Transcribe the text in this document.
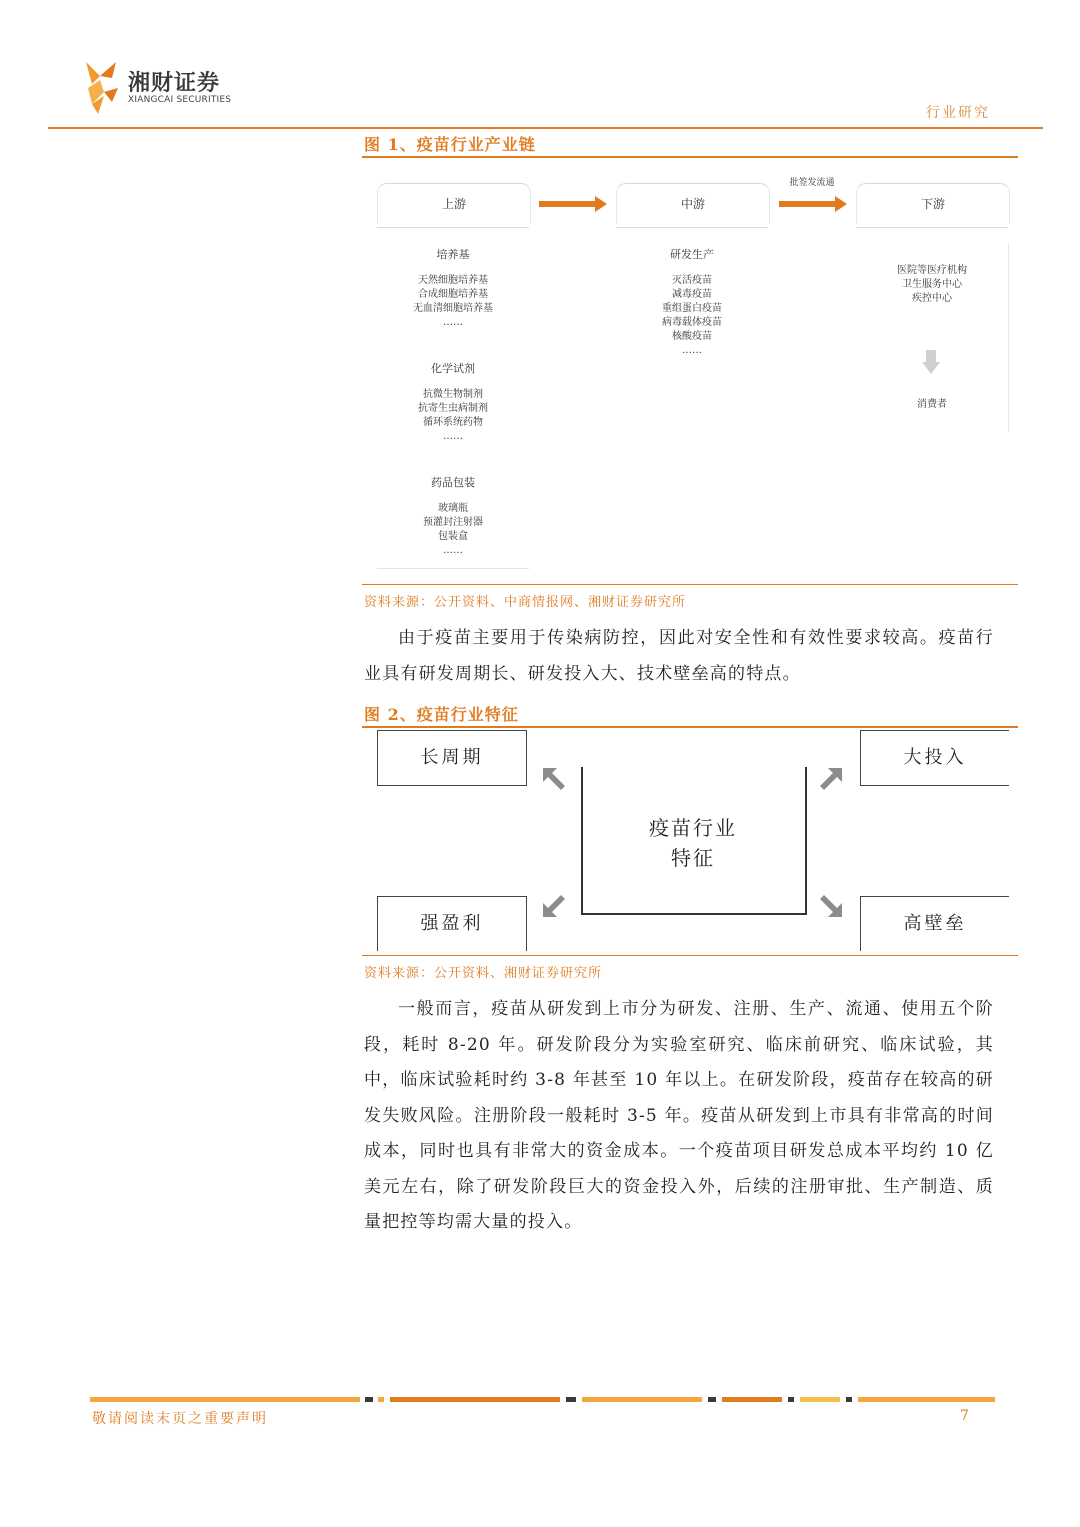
湘财证券
XIANGCAI SECURITIES
行业研究
图 1、疫苗行业产业链
上游	中游
批签发流通
下游
培养基
天然细胞培养基
合成细胞培养基
无血清细胞培养基
……
化学试剂
抗微生物制剂
抗寄生虫病制剂
循环系统药物
……
药品包装
玻璃瓶
预灌封注射器
包装盒
……
研发生产
灭活疫苗
减毒疫苗
重组蛋白疫苗
病毒载体疫苗
核酸疫苗
……
医院等医疗机构
卫生服务中心
疾控中心
消费者
资料来源：公开资料、中商情报网、湘财证券研究所

由于疫苗主要用于传染病防控，因此对安全性和有效性要求较高。疫苗行业具有研发周期长、研发投入大、技术壁垒高的特点。

图 2、疫苗行业特征
长周期	大投入
强盈利	高壁垒
疫苗行业
特征
资料来源：公开资料、湘财证券研究所

一般而言，疫苗从研发到上市分为研发、注册、生产、流通、使用五个阶段，耗时 8-20 年。研发阶段分为实验室研究、临床前研究、临床试验，其中，临床试验耗时约 3-8 年甚至 10 年以上。在研发阶段，疫苗存在较高的研发失败风险。注册阶段一般耗时 3-5 年。疫苗从研发到上市具有非常高的时间成本，同时也具有非常大的资金成本。一个疫苗项目研发总成本平均约 10 亿美元左右，除了研发阶段巨大的资金投入外，后续的注册审批、生产制造、质量把控等均需大量的投入。

敬请阅读末页之重要声明	7
